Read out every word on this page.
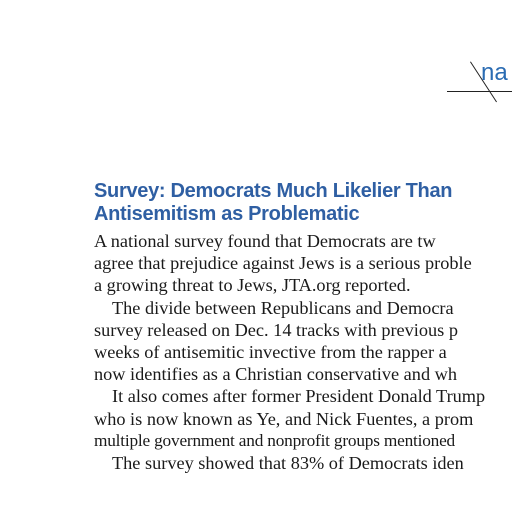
na
Survey: Democrats Much Likelier Than
Antisemitism as Problematic
A national survey found that Democrats are tw
agree that prejudice against Jews is a serious proble
a growing threat to Jews, JTA.org reported.
The divide between Republicans and Democra
survey released on Dec. 14 tracks with previous p
weeks of antisemitic invective from the rapper a
now identifies as a Christian conservative and wh
It also comes after former President Donald Trump
who is now known as Ye, and Nick Fuentes, a prom
multiple government and nonprofit groups mentioned
The survey showed that 83% of Democrats iden
